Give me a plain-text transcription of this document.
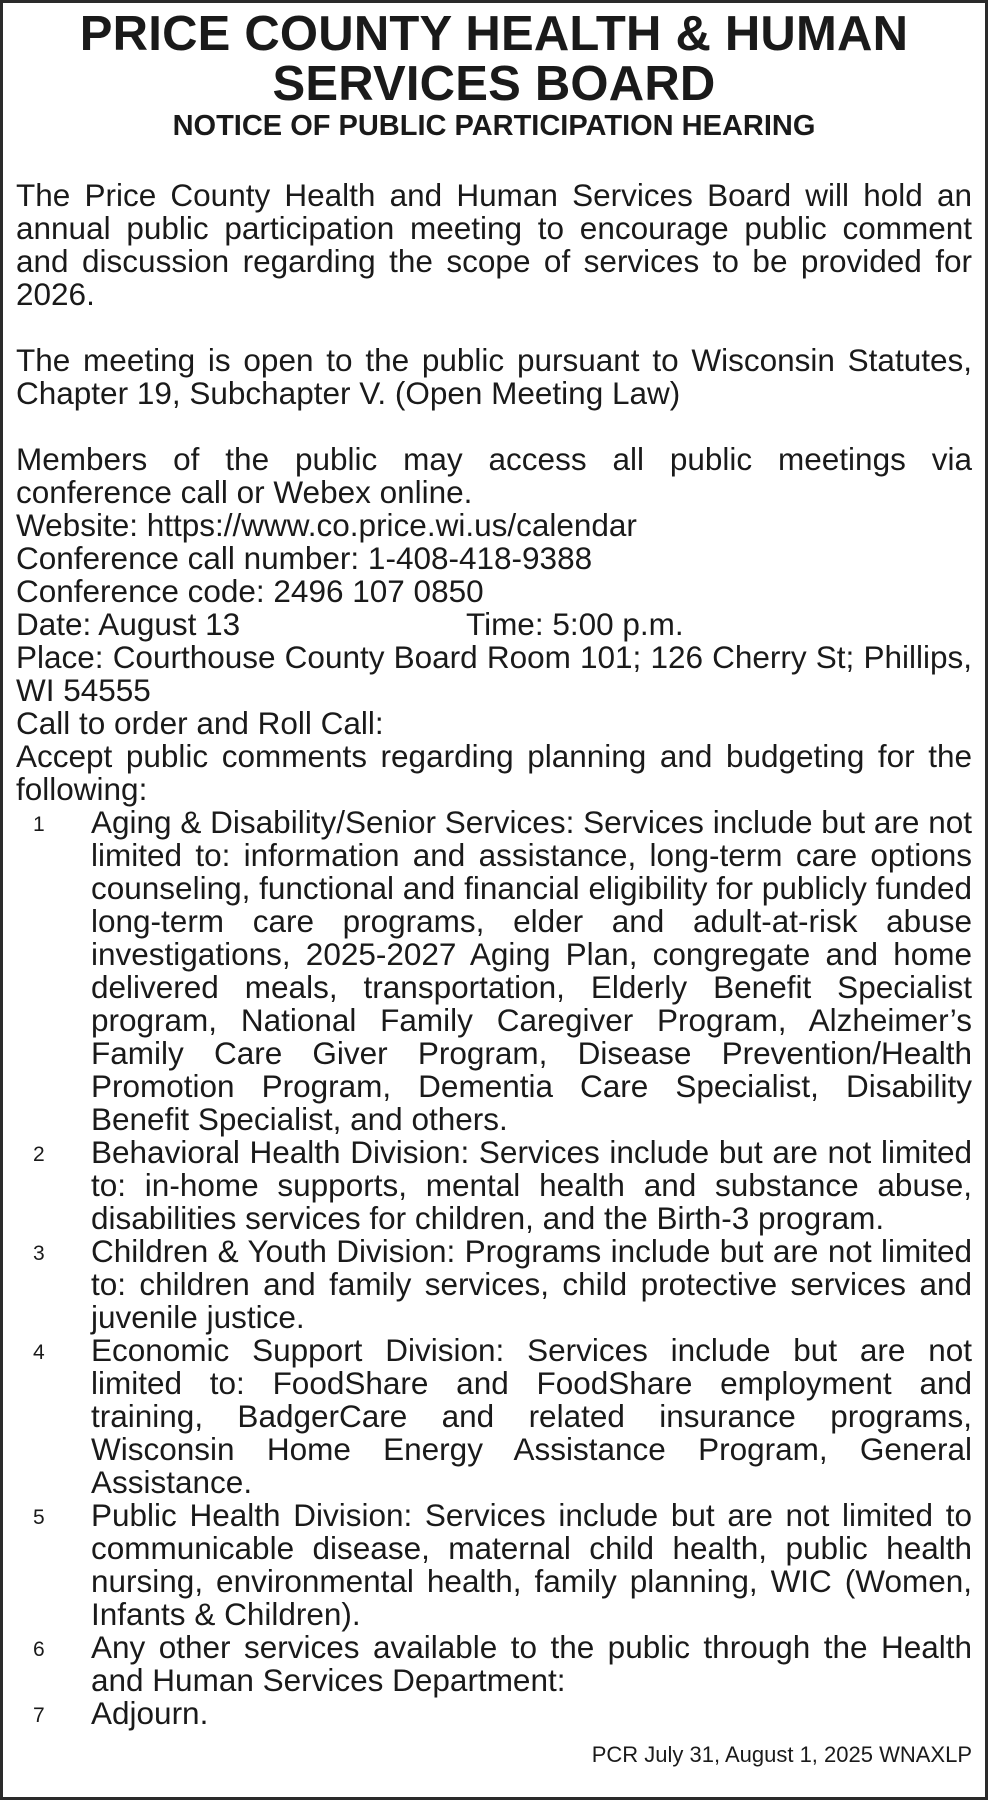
PRICE COUNTY HEALTH & HUMAN SERVICES BOARD
NOTICE OF PUBLIC PARTICIPATION HEARING

The Price County Health and Human Services Board will hold an annual public participation meeting to encourage public comment and discussion regarding the scope of services to be provided for 2026.

The meeting is open to the public pursuant to Wisconsin Statutes, Chapter 19, Subchapter V. (Open Meeting Law)

Members of the public may access all public meetings via conference call or Webex online.

Website: https://www.co.price.wi.us/calendar

Conference call number: 1-408-418-9388

Conference code: 2496 107 0850

Date: August 13	Time: 5:00 p.m.

Place: Courthouse County Board Room 101; 126 Cherry St; Phillips, WI 54555

Call to order and Roll Call:

Accept public comments regarding planning and budgeting for the following:

1	Aging & Disability/Senior Services: Services include but are not limited to: information and assistance, long-term care options counseling, functional and financial eligibility for publicly funded long-term care programs, elder and adult-at-risk abuse investigations, 2025-2027 Aging Plan, congregate and home delivered meals, transportation, Elderly Benefit Specialist program, National Family Caregiver Program, Alzheimer’s Family Care Giver Program, Disease Prevention/Health Promotion Program, Dementia Care Specialist, Disability Benefit Specialist, and others.
2	Behavioral Health Division: Services include but are not limited to: in-home supports, mental health and substance abuse, disabilities services for children, and the Birth-3 program.
3	Children & Youth Division: Programs include but are not limited to: children and family services, child protective services and juvenile justice.
4	Economic Support Division: Services include but are not limited to: FoodShare and FoodShare employment and training, BadgerCare and related insurance programs, Wisconsin Home Energy Assistance Program, General Assistance.
5	Public Health Division: Services include but are not limited to communicable disease, maternal child health, public health nursing, environmental health, family planning, WIC (Women, Infants & Children).
6	Any other services available to the public through the Health and Human Services Department:
7	Adjourn.

PCR July 31, August 1, 2025 WNAXLP
